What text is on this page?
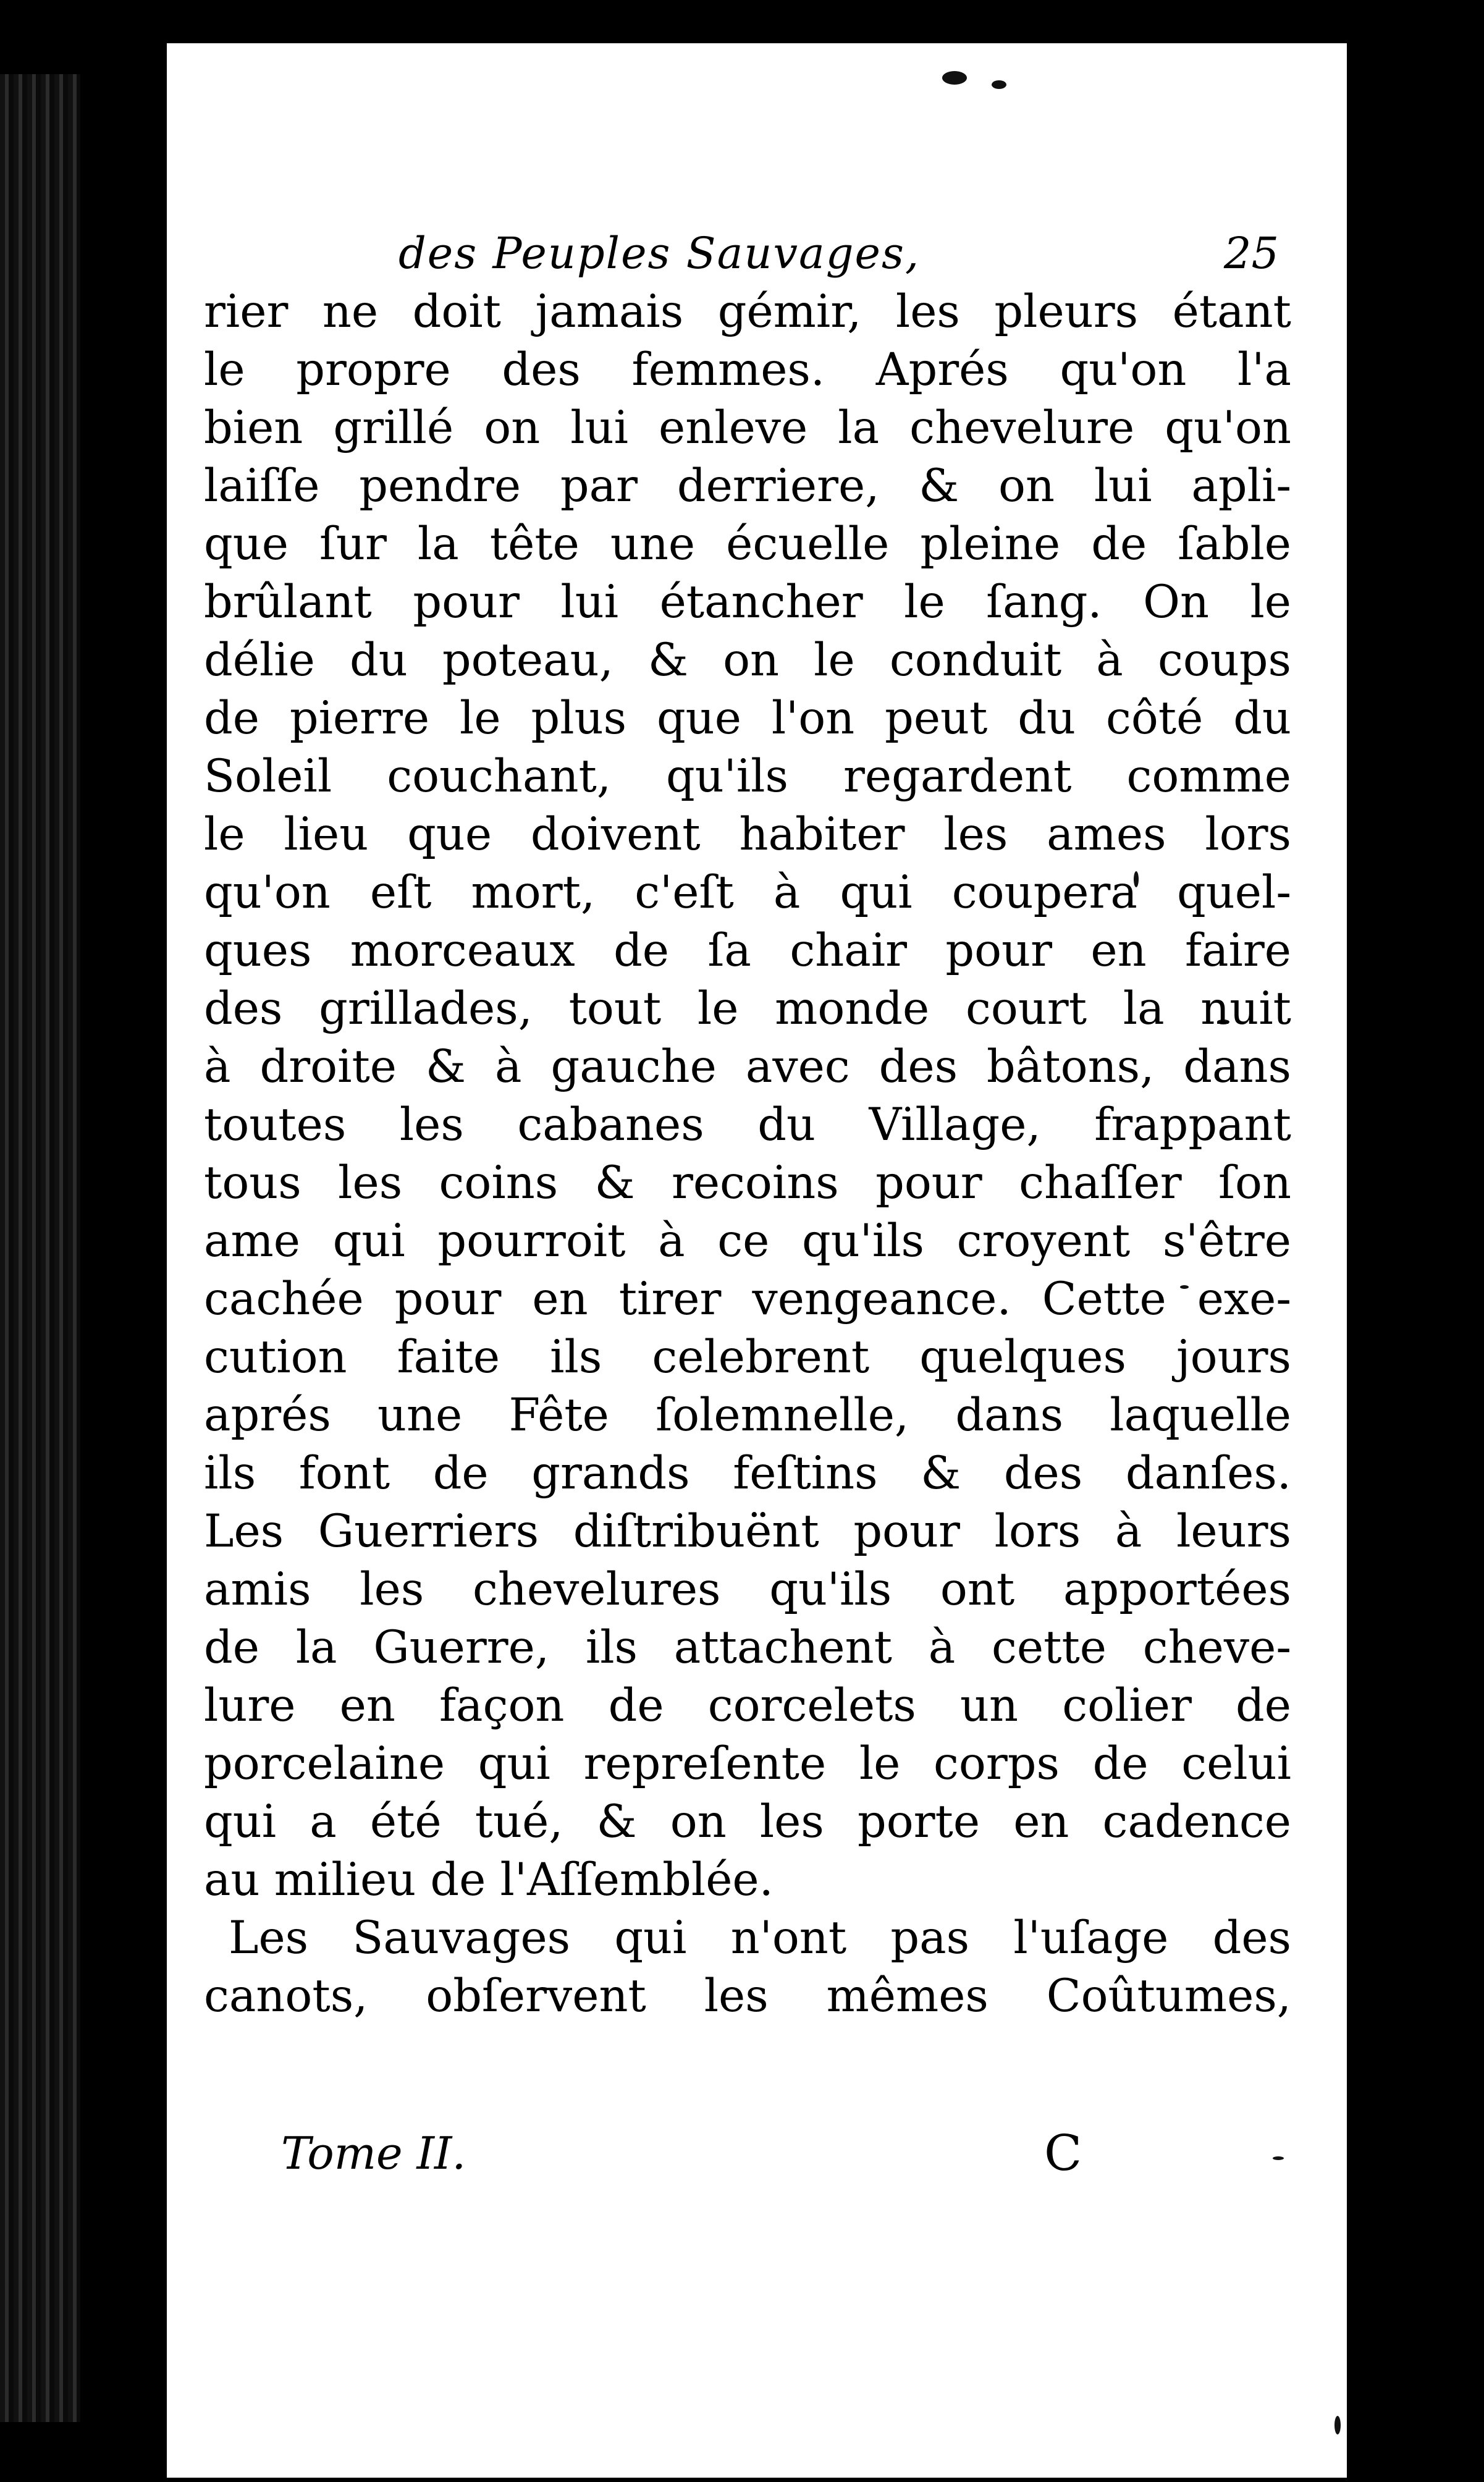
des Peuples Sauvages,	25
rier ne doit jamais gémir, les pleurs étant
le propre des femmes. Aprés qu'on l'a
bien grillé on lui enleve la chevelure qu'on
laiſſe pendre par derriere, & on lui apli-
que ſur la tête une écuelle pleine de ſable
brûlant pour lui étancher le ſang. On le
délie du poteau, & on le conduit à coups
de pierre le plus que l'on peut du côté du
Soleil couchant, qu'ils regardent comme
le lieu que doivent habiter les ames lors
qu'on eſt mort, c'eſt à qui coupera quel-
ques morceaux de ſa chair pour en faire
des grillades, tout le monde court la nuit
à droite & à gauche avec des bâtons, dans
toutes les cabanes du Village, frappant
tous les coins & recoins pour chaſſer ſon
ame qui pourroit à ce qu'ils croyent s'être
cachée pour en tirer vengeance. Cette exe-
cution faite ils celebrent quelques jours
aprés une Fête ſolemnelle, dans laquelle
ils font de grands feſtins & des danſes.
Les Guerriers diſtribuënt pour lors à leurs
amis les chevelures qu'ils ont apportées
de la Guerre, ils attachent à cette cheve-
lure en façon de corcelets un colier de
porcelaine qui repreſente le corps de celui
qui a été tué, & on les porte en cadence
au milieu de l'Aſſemblée.
Les Sauvages qui n'ont pas l'uſage des
canots, obſervent les mêmes Coûtumes,
Tome II.	C
